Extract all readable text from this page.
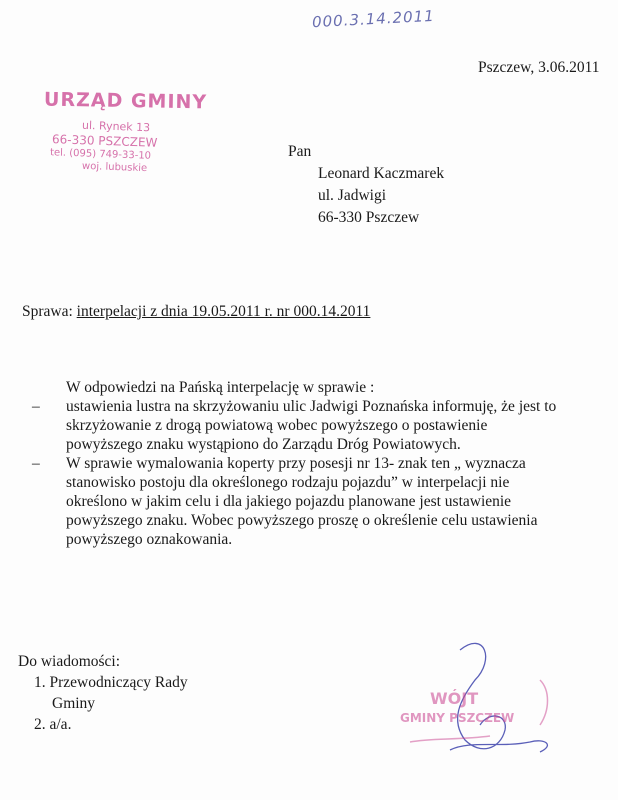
000.3.14.2011
Pszczew, 3.06.2011
URZĄD GMINY
ul. Rynek 13
66-330 PSZCZEW
tel. (095) 749-33-10
woj. lubuskie
Pan
Leonard Kaczmarek
ul. Jadwigi
66-330 Pszczew
Sprawa: interpelacji z dnia 19.05.2011 r. nr 000.14.2011
W odpowiedzi na Pańską interpelację w sprawie :
– ustawienia lustra na skrzyżowaniu ulic Jadwigi Poznańska informuję, że jest to
skrzyżowanie z drogą powiatową wobec powyższego o postawienie
powyższego znaku wystąpiono do Zarządu Dróg Powiatowych.
– W sprawie wymalowania koperty przy posesji nr 13- znak ten „ wyznacza
stanowisko postoju dla określonego rodzaju pojazdu” w interpelacji nie
określono w jakim celu i dla jakiego pojazdu planowane jest ustawienie
powyższego znaku. Wobec powyższego proszę o określenie celu ustawienia
powyższego oznakowania.
Do wiadomości:
1. Przewodniczący Rady
Gminy
2. a/a.
WÓJT
GMINY PSZCZEW
